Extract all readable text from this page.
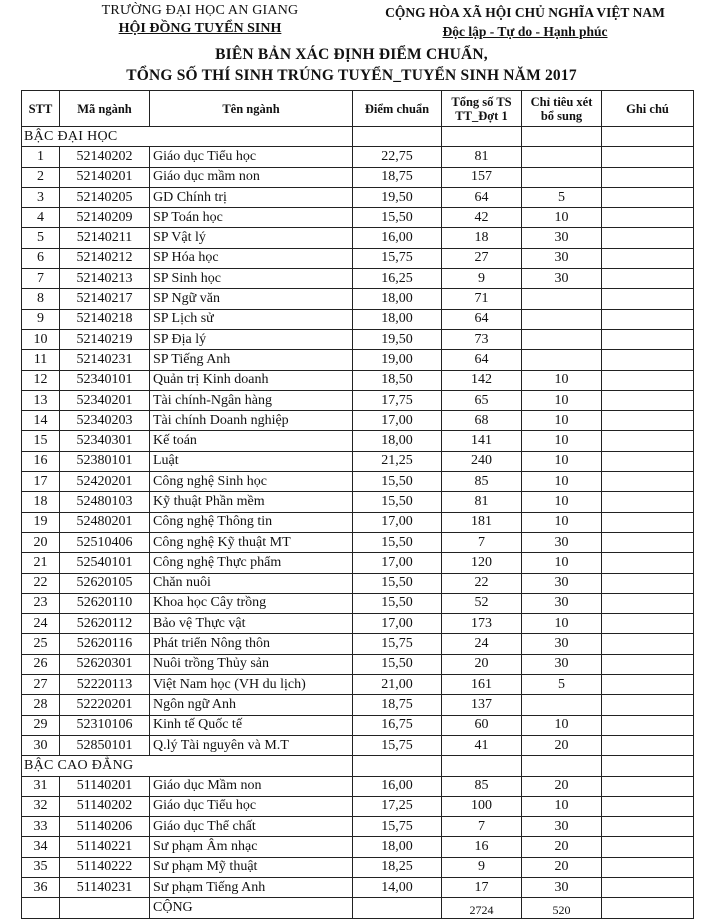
TRƯỜNG ĐẠI HỌC AN GIANG
HỘI ĐỒNG TUYỂN SINH
CỘNG HÒA XÃ HỘI CHỦ NGHĨA VIỆT NAM
Độc lập - Tự do - Hạnh phúc
BIÊN BẢN XÁC ĐỊNH ĐIỂM CHUẨN,
TỔNG SỐ THÍ SINH TRÚNG TUYỂN_TUYỂN SINH NĂM 2017
STT	Mã ngành	Tên ngành	Điểm chuẩn	Tổng số TS TT_Đợt 1	Chỉ tiêu xét bổ sung	Ghi chú
BẬC ĐẠI HỌC						
1	52140202	Giáo dục Tiểu học	22,75	81		
2	52140201	Giáo dục mầm non	18,75	157		
3	52140205	GD Chính trị	19,50	64	5	
4	52140209	SP Toán học	15,50	42	10	
5	52140211	SP Vật lý	16,00	18	30	
6	52140212	SP Hóa học	15,75	27	30	
7	52140213	SP Sinh học	16,25	9	30	
8	52140217	SP Ngữ văn	18,00	71		
9	52140218	SP Lịch sử	18,00	64		
10	52140219	SP Địa lý	19,50	73		
11	52140231	SP Tiếng Anh	19,00	64		
12	52340101	Quản trị Kinh doanh	18,50	142	10	
13	52340201	Tài chính-Ngân hàng	17,75	65	10	
14	52340203	Tài chính Doanh nghiệp	17,00	68	10	
15	52340301	Kế toán	18,00	141	10	
16	52380101	Luật	21,25	240	10	
17	52420201	Công nghệ Sinh học	15,50	85	10	
18	52480103	Kỹ thuật Phần mềm	15,50	81	10	
19	52480201	Công nghệ Thông tin	17,00	181	10	
20	52510406	Công nghệ Kỹ thuật MT	15,50	7	30	
21	52540101	Công nghệ Thực phẩm	17,00	120	10	
22	52620105	Chăn nuôi	15,50	22	30	
23	52620110	Khoa học Cây trồng	15,50	52	30	
24	52620112	Bảo vệ Thực vật	17,00	173	10	
25	52620116	Phát triển Nông thôn	15,75	24	30	
26	52620301	Nuôi trồng Thủy sản	15,50	20	30	
27	52220113	Việt Nam học (VH du lịch)	21,00	161	5	
28	52220201	Ngôn ngữ Anh	18,75	137		
29	52310106	Kinh tế Quốc tế	16,75	60	10	
30	52850101	Q.lý Tài nguyên và M.T	15,75	41	20	
BẬC CAO ĐẲNG						
31	51140201	Giáo dục Mầm non	16,00	85	20	
32	51140202	Giáo dục Tiểu học	17,25	100	10	
33	51140206	Giáo dục Thể chất	15,75	7	30	
34	51140221	Sư phạm Âm nhạc	18,00	16	20	
35	51140222	Sư phạm Mỹ thuật	18,25	9	20	
36	51140231	Sư phạm Tiếng Anh	14,00	17	30	
		CỘNG		2724	520	
